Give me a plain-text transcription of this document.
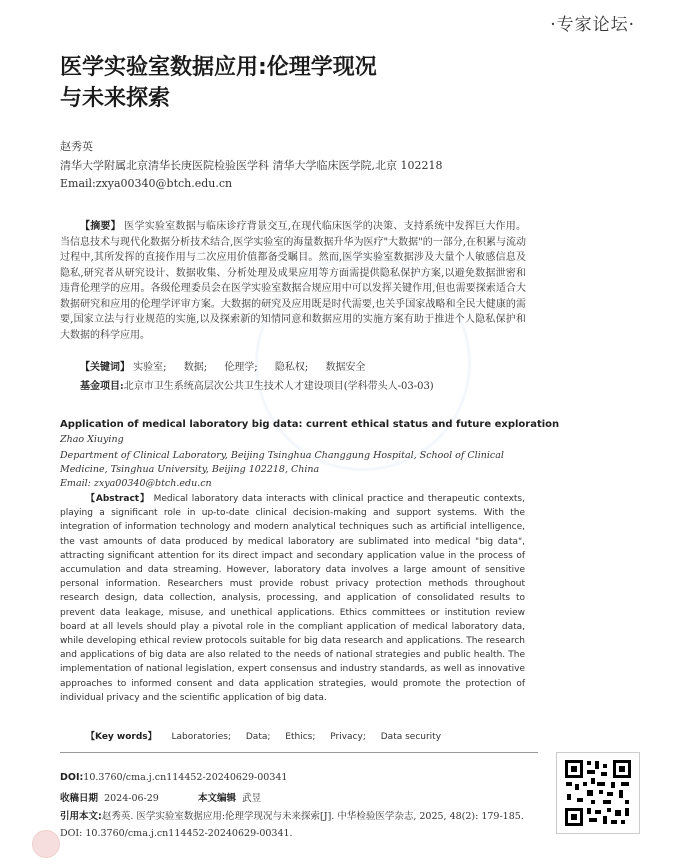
·专家论坛·
医学实验室数据应用:伦理学现况
与未来探索
赵秀英
清华大学附属北京清华长庚医院检验医学科 清华大学临床医学院,北京 102218
Email:zxya00340@btch.edu.cn
【摘要】 医学实验室数据与临床诊疗背景交互,在现代临床医学的决策、支持系统中发挥巨大作用。当信息技术与现代化数据分析技术结合,医学实验室的海量数据升华为医疗"大数据"的一部分,在积累与流动过程中,其所发挥的直接作用与二次应用价值都备受瞩目。然而,医学实验室数据涉及大量个人敏感信息及隐私,研究者从研究设计、数据收集、分析处理及成果应用等方面需提供隐私保护方案,以避免数据泄密和违背伦理学的应用。各级伦理委员会在医学实验室数据合规应用中可以发挥关键作用,但也需要探索适合大数据研究和应用的伦理学评审方案。大数据的研究及应用既是时代需要,也关乎国家战略和全民大健康的需要,国家立法与行业规范的实施,以及探索新的知情同意和数据应用的实施方案有助于推进个人隐私保护和大数据的科学应用。
【关键词】 实验室; 数据; 伦理学; 隐私权; 数据安全
基金项目:北京市卫生系统高层次公共卫生技术人才建设项目(学科带头人-03-03)
Application of medical laboratory big data: current ethical status and future exploration
Zhao Xiuying
Department of Clinical Laboratory, Beijing Tsinghua Changgung Hospital, School of Clinical Medicine, Tsinghua University, Beijing 102218, China
Email: zxya00340@btch.edu.cn
【Abstract】 Medical laboratory data interacts with clinical practice and therapeutic contexts, playing a significant role in up-to-date clinical decision-making and support systems. With the integration of information technology and modern analytical techniques such as artificial intelligence, the vast amounts of data produced by medical laboratory are sublimated into medical "big data", attracting significant attention for its direct impact and secondary application value in the process of accumulation and data streaming. However, laboratory data involves a large amount of sensitive personal information. Researchers must provide robust privacy protection methods throughout research design, data collection, analysis, processing, and application of consolidated results to prevent data leakage, misuse, and unethical applications. Ethics committees or institution review board at all levels should play a pivotal role in the compliant application of medical laboratory data, while developing ethical review protocols suitable for big data research and applications. The research and applications of big data are also related to the needs of national strategies and public health. The implementation of national legislation, expert consensus and industry standards, as well as innovative approaches to informed consent and data application strategies, would promote the protection of individual privacy and the scientific application of big data.
【Key words】 Laboratories; Data; Ethics; Privacy; Data security
DOI:10.3760/cma.j.cn114452-20240629-00341
收稿日期 2024-06-29	本文编辑 武昱
引用本文:赵秀英. 医学实验室数据应用:伦理学现况与未来探索[J]. 中华检验医学杂志, 2025, 48(2): 179-185. DOI: 10.3760/cma.j.cn114452-20240629-00341.
